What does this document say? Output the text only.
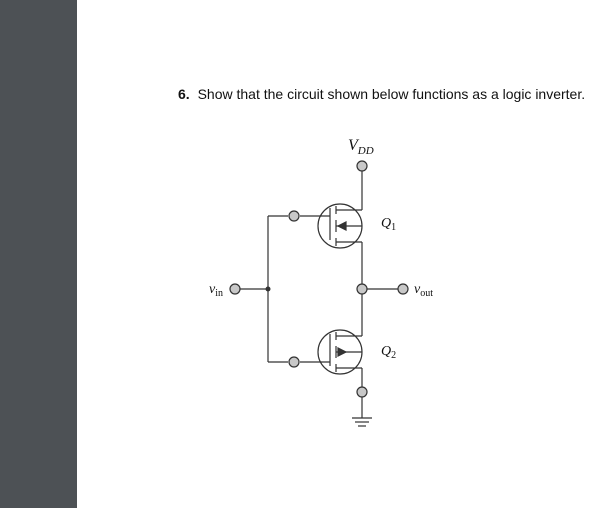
6. Show that the circuit shown below functions as a logic inverter.
$V_{DD}$
$Q_1$
$Q_2$
$v_{in}$	$v_{out}$
